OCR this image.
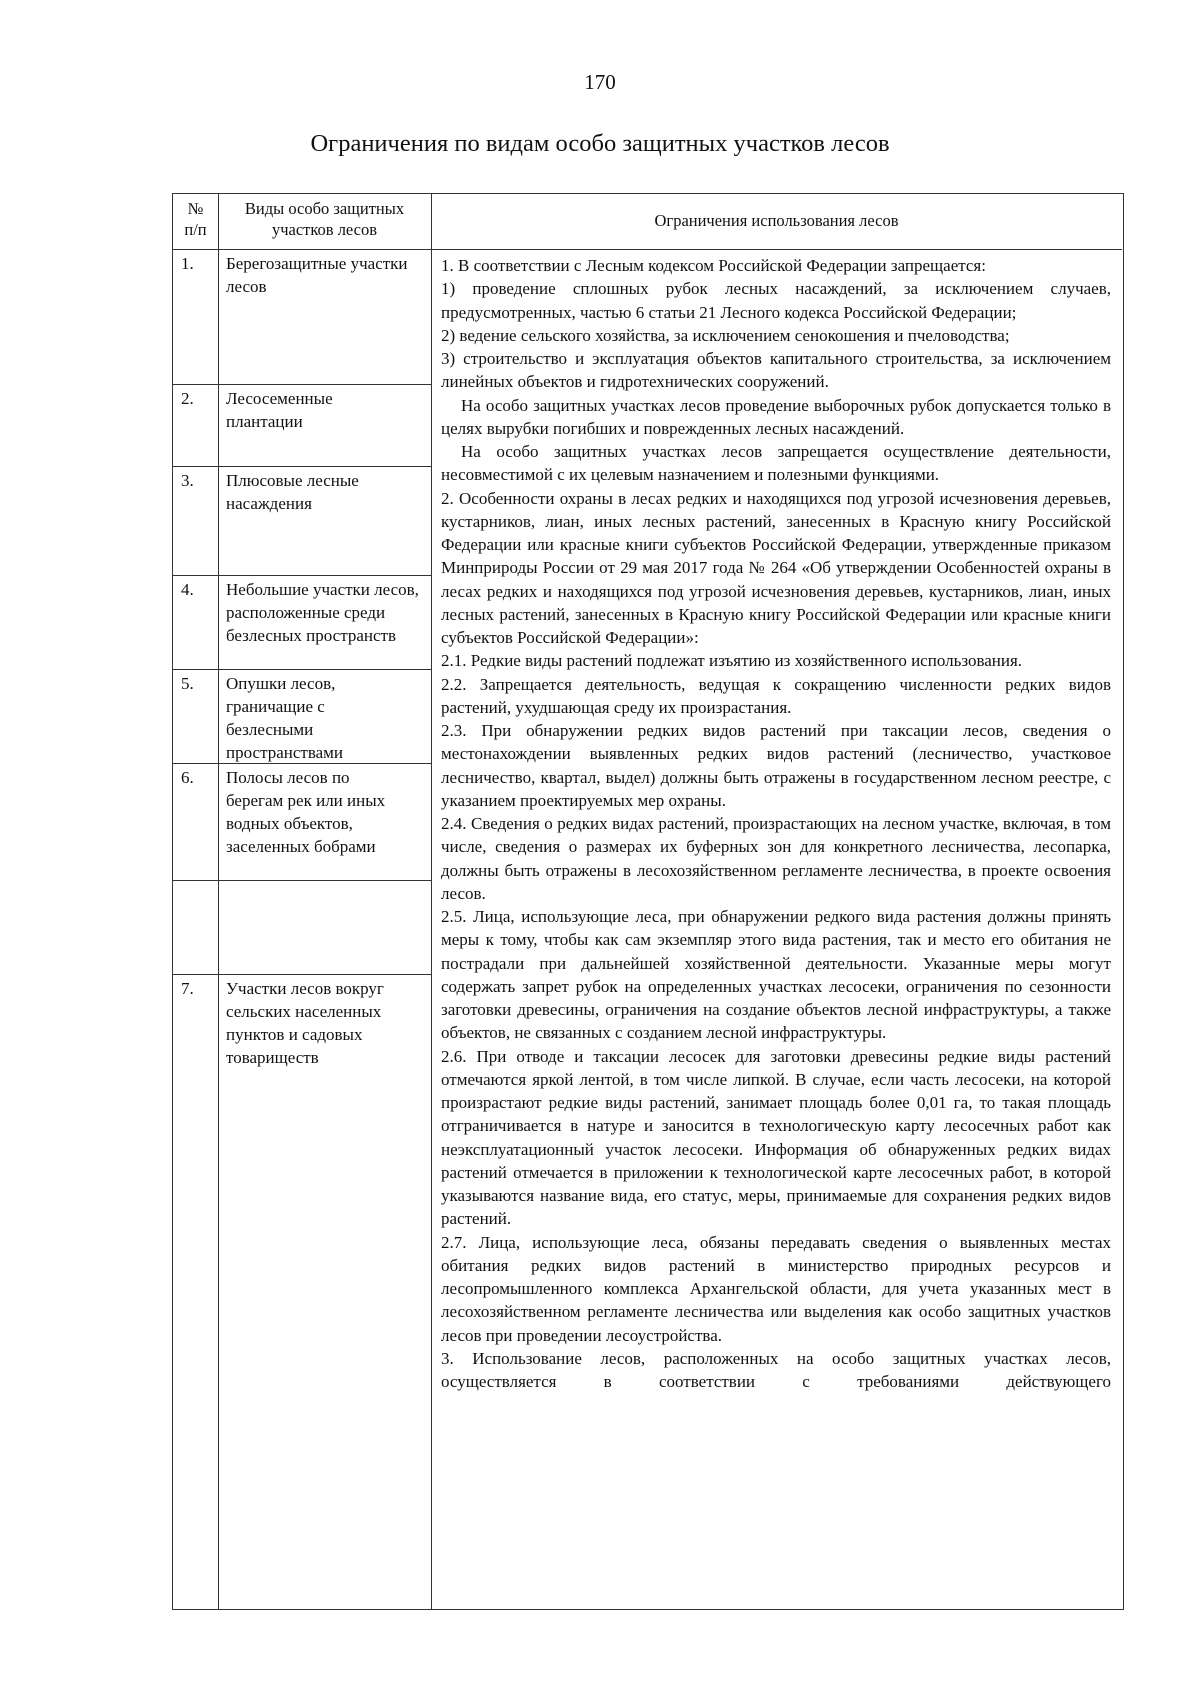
170
Ограничения по видам особо защитных участков лесов
№
п/п
Виды особо защитных
участков лесов	Ограничения использования лесов
1. Берегозащитные участки лесов
2. Лесосеменные плантации
3. Плюсовые лесные насаждения
4. Небольшие участки лесов, расположенные среди безлесных пространств
5. Опушки лесов, граничащие с безлесными пространствами
6. Полосы лесов по берегам рек или иных водных объектов, заселенных бобрами
7. Участки лесов вокруг сельских населенных пунктов и садовых товариществ

1. В соответствии с Лесным кодексом Российской Федерации запрещается:

1) проведение сплошных рубок лесных насаждений, за исключением случаев, предусмотренных, частью 6 статьи 21 Лесного кодекса Российской Федерации;

2) ведение сельского хозяйства, за исключением сенокошения и пчеловодства;

3) строительство и эксплуатация объектов капитального строительства, за исключением линейных объектов и гидротехнических сооружений.

На особо защитных участках лесов проведение выборочных рубок допускается только в целях вырубки погибших и поврежденных лесных насаждений.

На особо защитных участках лесов запрещается осуществление деятельности, несовместимой с их целевым назначением и полезными функциями.

2. Особенности охраны в лесах редких и находящихся под угрозой исчезновения деревьев, кустарников, лиан, иных лесных растений, занесенных в Красную книгу Российской Федерации или красные книги субъектов Российской Федерации, утвержденные приказом Минприроды России от 29 мая 2017 года № 264 «Об утверждении Особенностей охраны в лесах редких и находящихся под угрозой исчезновения деревьев, кустарников, лиан, иных лесных растений, занесенных в Красную книгу Российской Федерации или красные книги субъектов Российской Федерации»:

2.1. Редкие виды растений подлежат изъятию из хозяйственного использования.

2.2. Запрещается деятельность, ведущая к сокращению численности редких видов растений, ухудшающая среду их произрастания.

2.3. При обнаружении редких видов растений при таксации лесов, сведения о местонахождении выявленных редких видов растений (лесничество, участковое лесничество, квартал, выдел) должны быть отражены в государственном лесном реестре, с указанием проектируемых мер охраны.

2.4. Сведения о редких видах растений, произрастающих на лесном участке, включая, в том числе, сведения о размерах их буферных зон для конкретного лесничества, лесопарка, должны быть отражены в лесохозяйственном регламенте лесничества, в проекте освоения лесов.

2.5. Лица, использующие леса, при обнаружении редкого вида растения должны принять меры к тому, чтобы как сам экземпляр этого вида растения, так и место его обитания не пострадали при дальнейшей хозяйственной деятельности. Указанные меры могут содержать запрет рубок на определенных участках лесосеки, ограничения по сезонности заготовки древесины, ограничения на создание объектов лесной инфраструктуры, а также объектов, не связанных с созданием лесной инфраструктуры.

2.6. При отводе и таксации лесосек для заготовки древесины редкие виды растений отмечаются яркой лентой, в том числе липкой. В случае, если часть лесосеки, на которой произрастают редкие виды растений, занимает площадь более 0,01 га, то такая площадь отграничивается в натуре и заносится в технологическую карту лесосечных работ как неэксплуатационный участок лесосеки. Информация об обнаруженных редких видах растений отмечается в приложении к технологической карте лесосечных работ, в которой указываются название вида, его статус, меры, принимаемые для сохранения редких видов растений.

2.7. Лица, использующие леса, обязаны передавать сведения о выявленных местах обитания редких видов растений в министерство природных ресурсов и лесопромышленного комплекса Архангельской области, для учета указанных мест в лесохозяйственном регламенте лесничества или выделения как особо защитных участков лесов при проведении лесоустройства.

3. Использование лесов, расположенных на особо защитных участках лесов, осуществляется в соответствии с требованиями действующего
